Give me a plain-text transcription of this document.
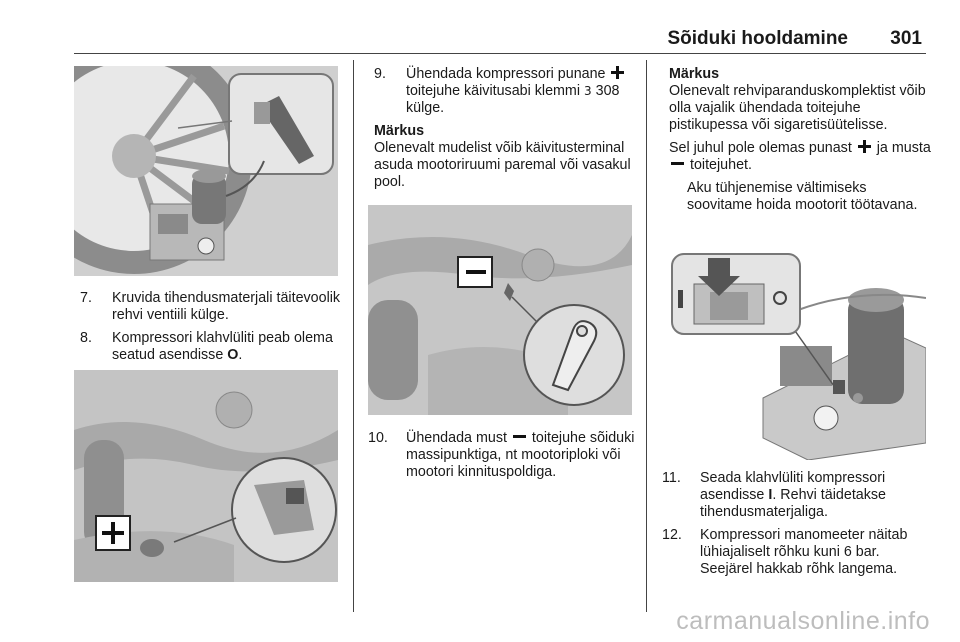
Sõiduki hooldamine 301
7. Kruvida tihendusmaterjali täitevoolik rehvi ventiili külge.
8. Kompressori klahvlüliti peab olema seatud asendisse O.
9. Ühendada kompressori punane  toitejuhe käivitusabi klemmi 3 308 külge.
Märkus
Olenevalt mudelist võib käivitusterminal asuda mootoriruumi paremal või vasakul pool.
10. Ühendada must  toitejuhe sõiduki massipunktiga, nt mootoriploki või mootori kinnituspoldiga.
Märkus
Olenevalt rehviparanduskomplektist võib olla vajalik ühendada toitejuhe pistikupessa või sigaretisüütelisse.
Sel juhul pole olemas punast  ja musta  toitejuhet.
Aku tühjenemise vältimiseks soovitame hoida mootorit töötavana.
11. Seada klahvlüliti kompressori asendisse I. Rehvi täidetakse tihendusmaterjaliga.
12. Kompressori manomeeter näitab lühiajaliselt rõhku kuni 6 bar. Seejärel hakkab rõhk langema.
carmanualsonline.info
